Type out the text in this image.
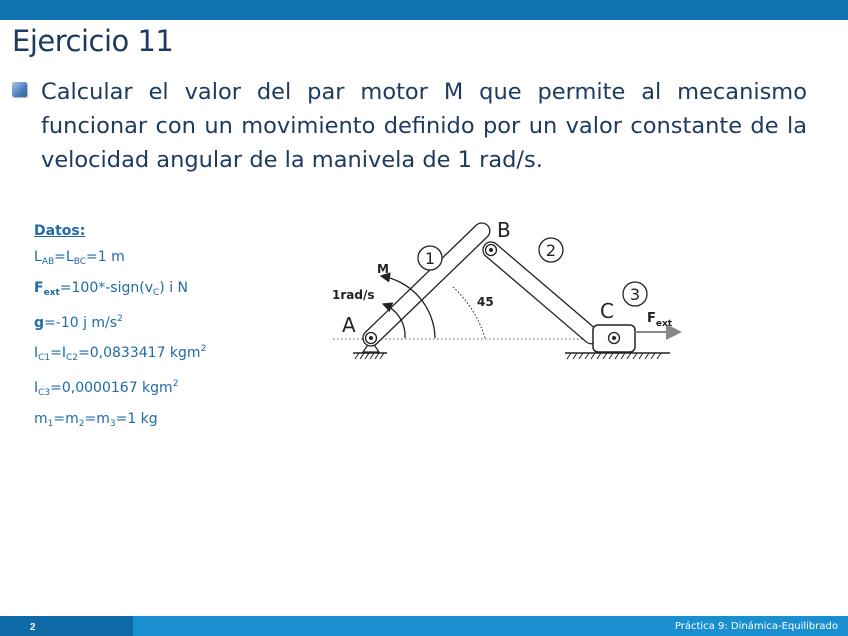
Ejercicio 11
Calcular el valor del par motor M que permite al mecanismo funcionar con un movimiento definido por un valor constante de la velocidad angular de la manivela de 1 rad/s.
Datos:
$L_{AB}=L_{BC}=1$ m
$F_{ext}=100*-sign(v_C)$ i N
g=-10 j $m/s^2$
$I_{C1}=I_{C2}=0,0833417$ kgm$^2$
$I_{C3}=0,0000167$ kgm$^2$
$m_1=m_2=m_3=1$ kg
1	2
3
A
B
C
M
1rad/s	45
$F_{ext}$
2	Práctica 9: Dinámica-Equilibrado
